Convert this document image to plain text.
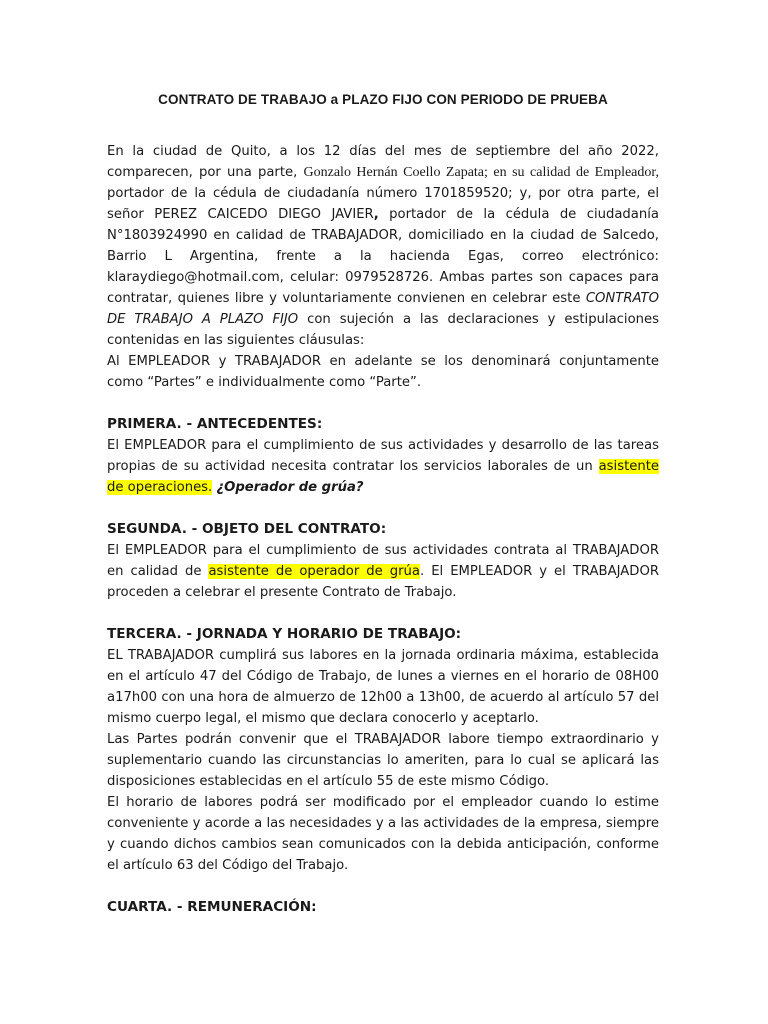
CONTRATO DE TRABAJO a PLAZO FIJO CON PERIODO DE PRUEBA

En la ciudad de Quito, a los 12 días del mes de septiembre del año 2022, comparecen, por una parte, Gonzalo Hernán Coello Zapata; en su calidad de Empleador, portador de la cédula de ciudadanía número 1701859520; y, por otra parte, el señor PEREZ CAICEDO DIEGO JAVIER, portador de la cédula de ciudadanía N°1803924990 en calidad de TRABAJADOR, domiciliado en la ciudad de Salcedo, Barrio L Argentina, frente a la hacienda Egas, correo electrónico: klaraydiego@hotmail.com, celular: 0979528726. Ambas partes son capaces para contratar, quienes libre y voluntariamente convienen en celebrar este CONTRATO DE TRABAJO A PLAZO FIJO con sujeción a las declaraciones y estipulaciones contenidas en las siguientes cláusulas:

Al EMPLEADOR y TRABAJADOR en adelante se los denominará conjuntamente como “Partes” e individualmente como “Parte”.

PRIMERA. - ANTECEDENTES:

El EMPLEADOR para el cumplimiento de sus actividades y desarrollo de las tareas propias de su actividad necesita contratar los servicios laborales de un asistente de operaciones. ¿Operador de grúa?

SEGUNDA. - OBJETO DEL CONTRATO:

El EMPLEADOR para el cumplimiento de sus actividades contrata al TRABAJADOR en calidad de asistente de operador de grúa. El EMPLEADOR y el TRABAJADOR proceden a celebrar el presente Contrato de Trabajo.

TERCERA. - JORNADA Y HORARIO DE TRABAJO:

EL TRABAJADOR cumplirá sus labores en la jornada ordinaria máxima, establecida en el artículo 47 del Código de Trabajo, de lunes a viernes en el horario de 08H00 a17h00 con una hora de almuerzo de 12h00 a 13h00, de acuerdo al artículo 57 del mismo cuerpo legal, el mismo que declara conocerlo y aceptarlo.

Las Partes podrán convenir que el TRABAJADOR labore tiempo extraordinario y suplementario cuando las circunstancias lo ameriten, para lo cual se aplicará las disposiciones establecidas en el artículo 55 de este mismo Código.

El horario de labores podrá ser modificado por el empleador cuando lo estime conveniente y acorde a las necesidades y a las actividades de la empresa, siempre y cuando dichos cambios sean comunicados con la debida anticipación, conforme el artículo 63 del Código del Trabajo.

CUARTA. - REMUNERACIÓN:
